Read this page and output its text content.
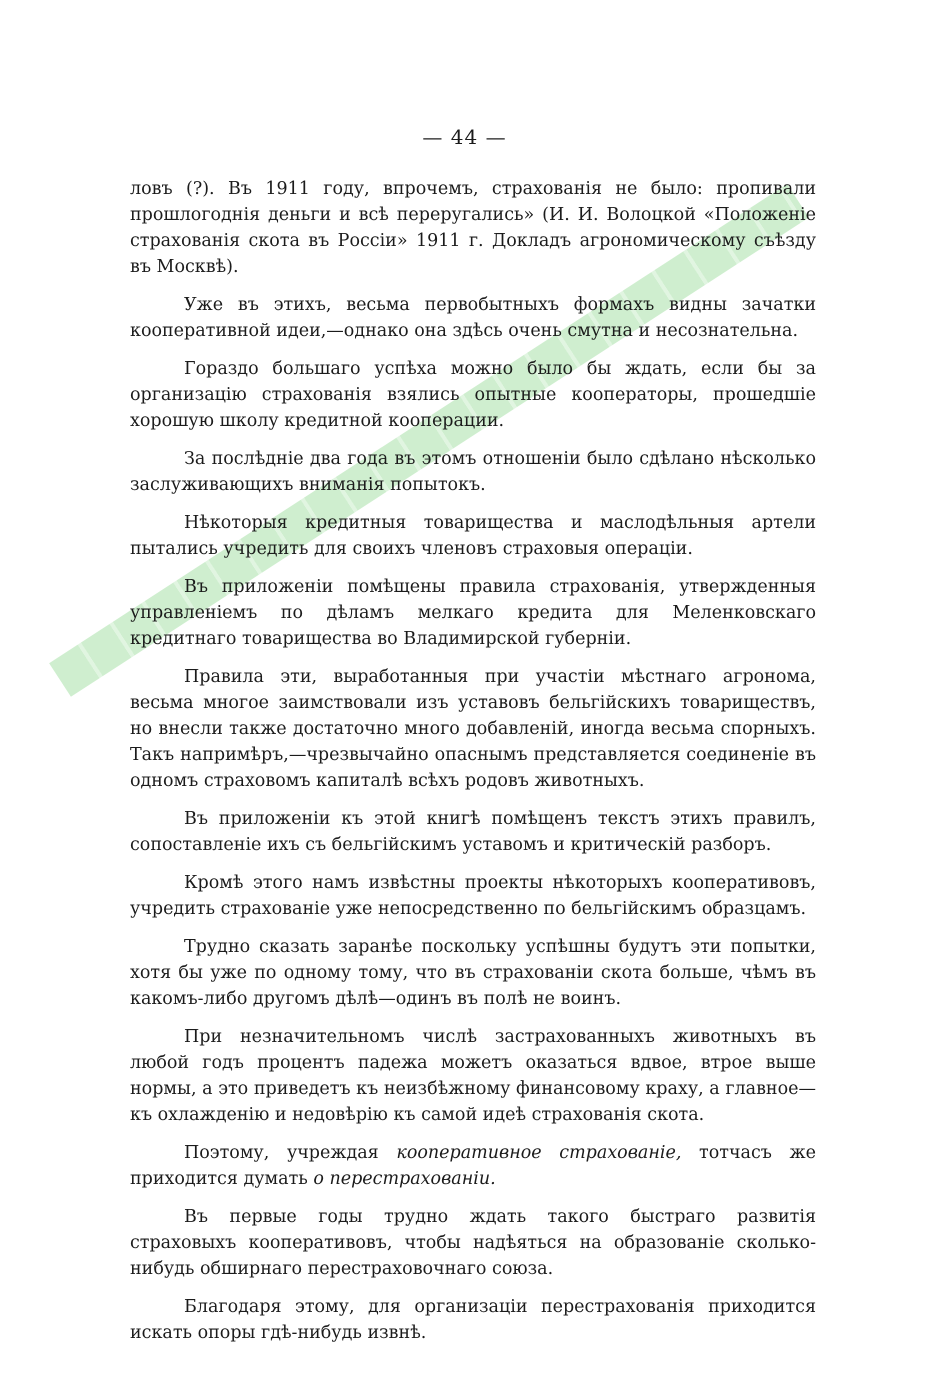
— 44 —

ловъ (?). Въ 1911 году, впрочемъ, страхованія не было: пропивали прошлогоднія деньги и всѣ переругались» (И. И. Волоцкой «Положеніе страхованія скота въ Россіи» 1911 г. Докладъ агрономическому съѣзду въ Москвѣ).

Уже въ этихъ, весьма первобытныхъ формахъ видны зачатки кооперативной идеи,—однако она здѣсь очень смутна и несознательна.

Гораздо большаго успѣха можно было бы ждать, если бы за организацію страхованія взялись опытные кооператоры, прошедшіе хорошую школу кредитной кооперации.

За послѣдніе два года въ этомъ отношеніи было сдѣлано нѣсколько заслуживающихъ вниманія попытокъ.

Нѣкоторыя кредитныя товарищества и маслодѣльныя артели пытались учредить для своихъ членовъ страховыя операціи.

Въ приложеніи помѣщены правила страхованія, утвержденныя управленіемъ по дѣламъ мелкаго кредита для Меленковскаго кредитнаго товарищества во Владимирской губерніи.

Правила эти, выработанныя при участіи мѣстнаго агронома, весьма многое заимствовали изъ уставовъ бельгійскихъ товариществъ, но внесли также достаточно много добавленій, иногда весьма спорныхъ. Такъ напримѣръ,—чрезвычайно опаснымъ представляется соединеніе въ одномъ страховомъ капиталѣ всѣхъ родовъ животныхъ.

Въ приложеніи къ этой книгѣ помѣщенъ текстъ этихъ правилъ, сопоставленіе ихъ съ бельгійскимъ уставомъ и критическій разборъ.

Кромѣ этого намъ извѣстны проекты нѣкоторыхъ кооперативовъ, учредить страхованіе уже непосредственно по бельгійскимъ образцамъ.

Трудно сказать заранѣе поскольку успѣшны будутъ эти попытки, хотя бы уже по одному тому, что въ страхованіи скота больше, чѣмъ въ какомъ-либо другомъ дѣлѣ—одинъ въ полѣ не воинъ.

При незначительномъ числѣ застрахованныхъ животныхъ въ любой годъ процентъ падежа можетъ оказаться вдвое, втрое выше нормы, а это приведетъ къ неизбѣжному финансовому краху, а главное—къ охлажденію и недовѣрію къ самой идеѣ страхованія скота.

Поэтому, учреждая кооперативное страхованіе, тотчасъ же приходится думать о перестрахованіи.

Въ первые годы трудно ждать такого быстраго развитія страховыхъ кооперативовъ, чтобы надѣяться на образованіе сколько-нибудь обширнаго перестраховочнаго союза.

Благодаря этому, для организаціи перестрахованія приходится искать опоры гдѣ-нибудь извнѣ.
